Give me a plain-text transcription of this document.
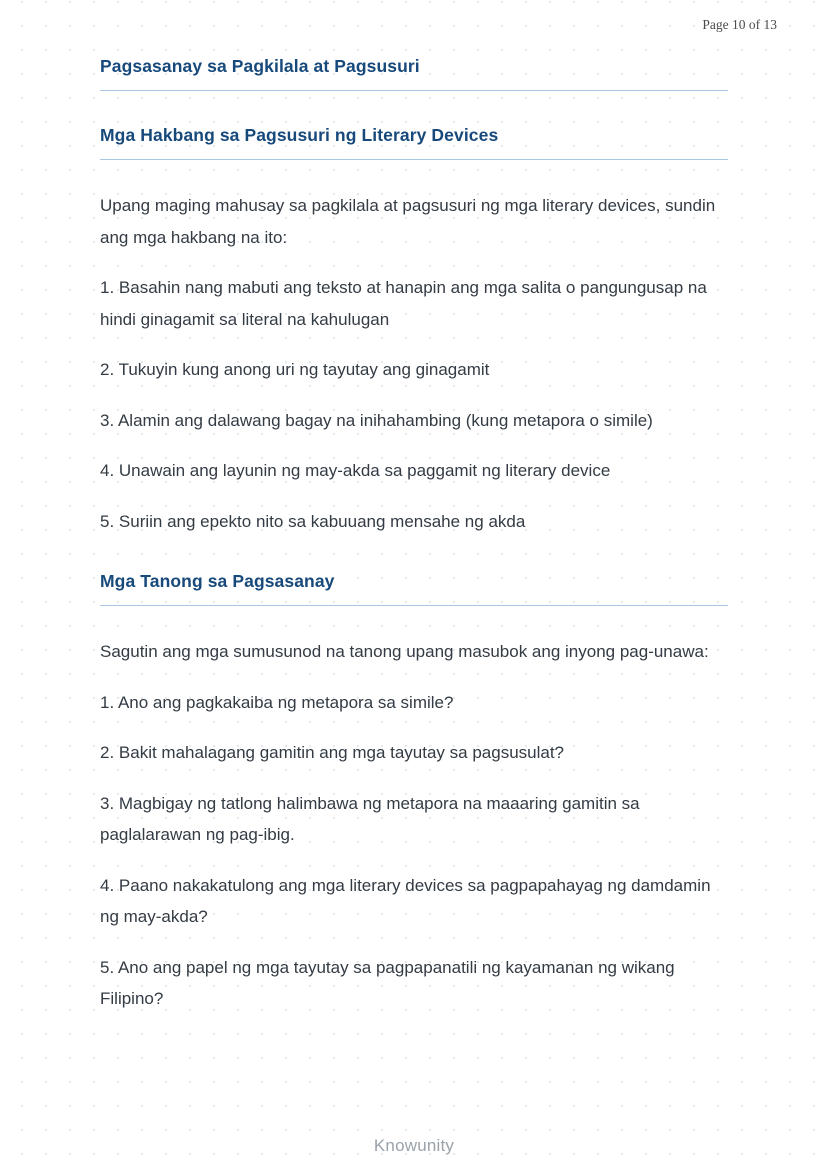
Page 10 of 13
Pagsasanay sa Pagkilala at Pagsusuri
Mga Hakbang sa Pagsusuri ng Literary Devices

Upang maging mahusay sa pagkilala at pagsusuri ng mga literary devices, sundin ang mga hakbang na ito:

1. Basahin nang mabuti ang teksto at hanapin ang mga salita o pangungusap na hindi ginagamit sa literal na kahulugan

2. Tukuyin kung anong uri ng tayutay ang ginagamit

3. Alamin ang dalawang bagay na inihahambing (kung metapora o simile)

4. Unawain ang layunin ng may-akda sa paggamit ng literary device

5. Suriin ang epekto nito sa kabuuang mensahe ng akda

Mga Tanong sa Pagsasanay

Sagutin ang mga sumusunod na tanong upang masubok ang inyong pag-unawa:

1. Ano ang pagkakaiba ng metapora sa simile?

2. Bakit mahalagang gamitin ang mga tayutay sa pagsusulat?

3. Magbigay ng tatlong halimbawa ng metapora na maaaring gamitin sa paglalarawan ng pag-ibig.

4. Paano nakakatulong ang mga literary devices sa pagpapahayag ng damdamin ng may-akda?

5. Ano ang papel ng mga tayutay sa pagpapanatili ng kayamanan ng wikang Filipino?

Knowunity
